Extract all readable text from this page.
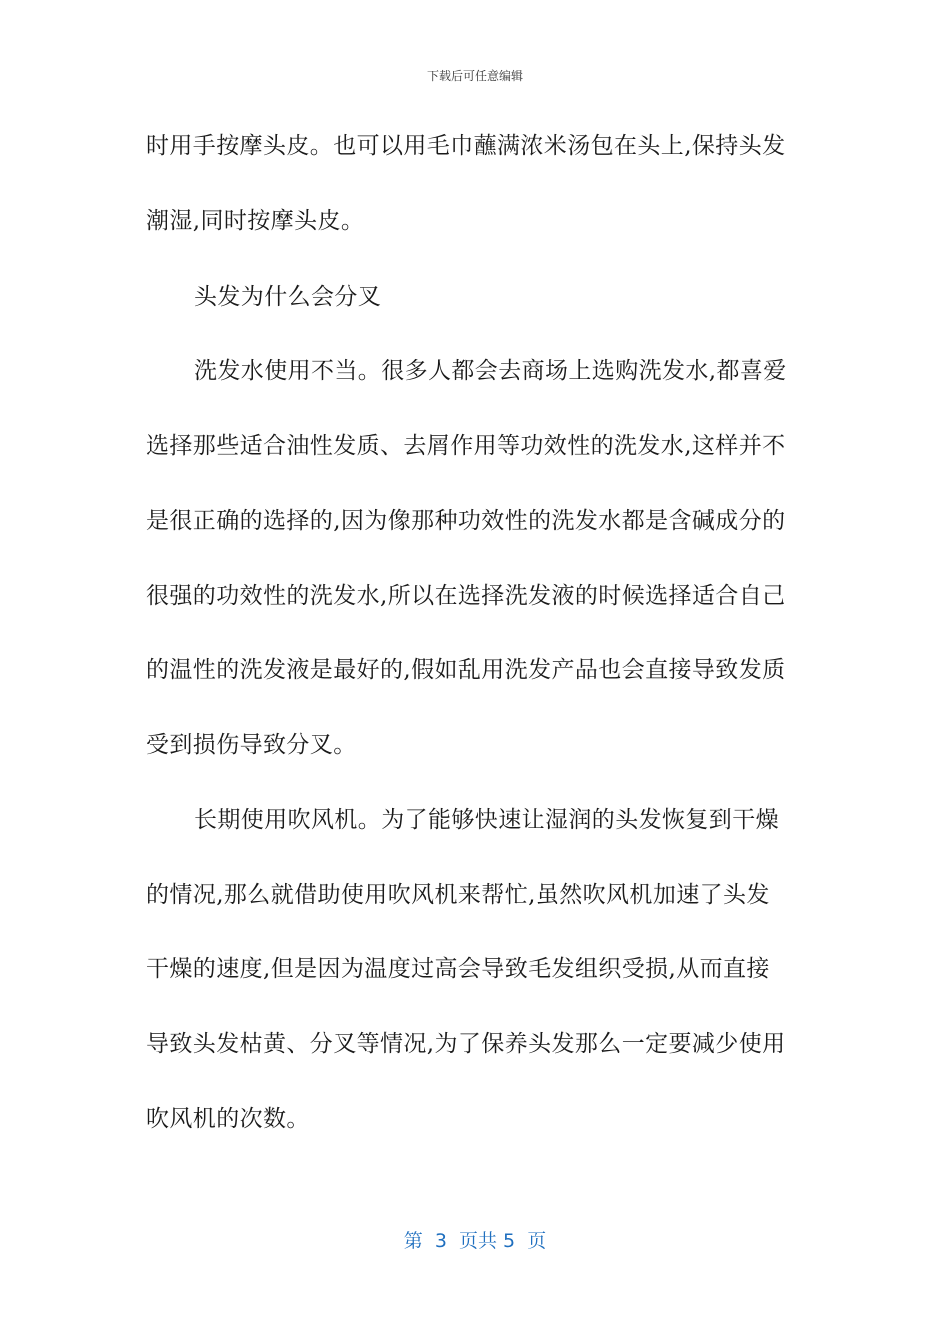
下载后可任意编辑
时用手按摩头皮。也可以用毛巾蘸满浓米汤包在头上,保持头发
潮湿,同时按摩头皮。
头发为什么会分叉
洗发水使用不当。很多人都会去商场上选购洗发水,都喜爱
选择那些适合油性发质、去屑作用等功效性的洗发水,这样并不
是很正确的选择的,因为像那种功效性的洗发水都是含碱成分的
很强的功效性的洗发水,所以在选择洗发液的时候选择适合自己
的温性的洗发液是最好的,假如乱用洗发产品也会直接导致发质
受到损伤导致分叉。
长期使用吹风机。为了能够快速让湿润的头发恢复到干燥
的情况,那么就借助使用吹风机来帮忙,虽然吹风机加速了头发
干燥的速度,但是因为温度过高会导致毛发组织受损,从而直接
导致头发枯黄、分叉等情况,为了保养头发那么一定要减少使用
吹风机的次数。
第  3  页共 5  页
